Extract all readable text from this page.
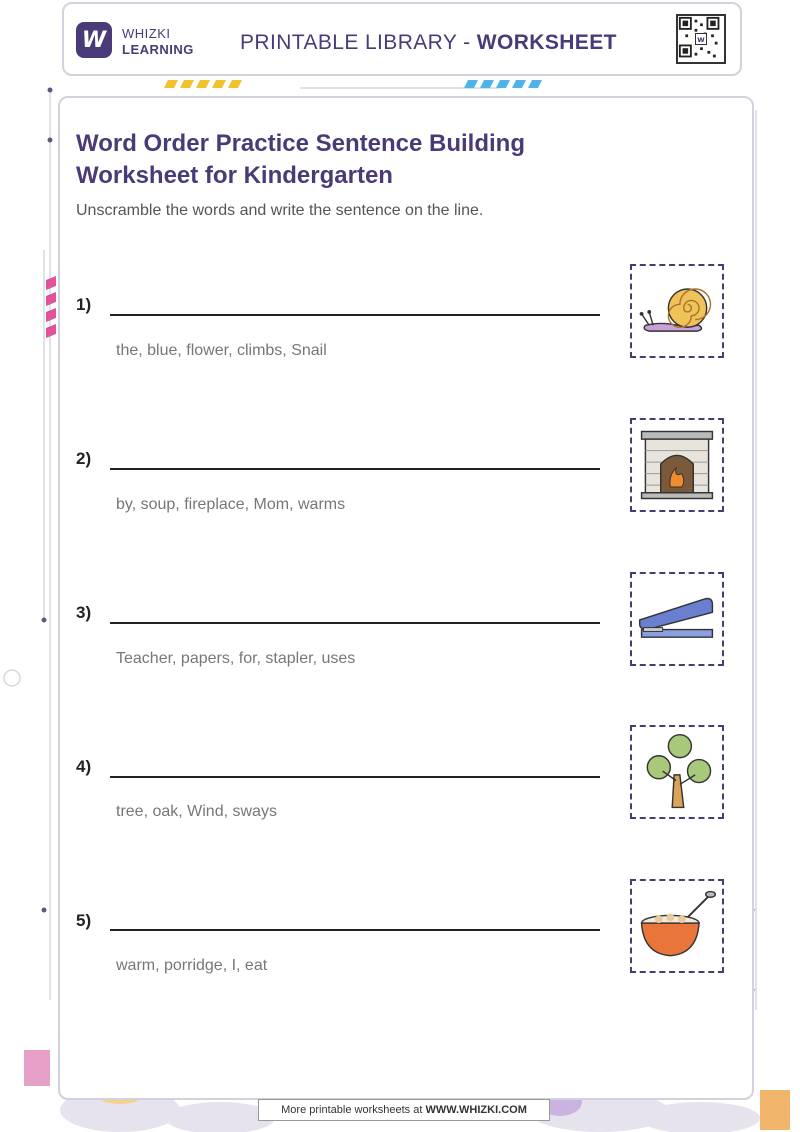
W	WHIZKI
LEARNING PRINTABLE LIBRARY - WORKSHEET	w
Word Order Practice Sentence Building Worksheet for Kindergarten
Unscramble the words and write the sentence on the line.
1)
the, blue, flower, climbs, Snail
2)
by, soup, fireplace, Mom, warms
3)
Teacher, papers, for, stapler, uses
4)
tree, oak, Wind, sways
5)
warm, porridge, I, eat
More printable worksheets at
WWW.WHIZKI.COM
